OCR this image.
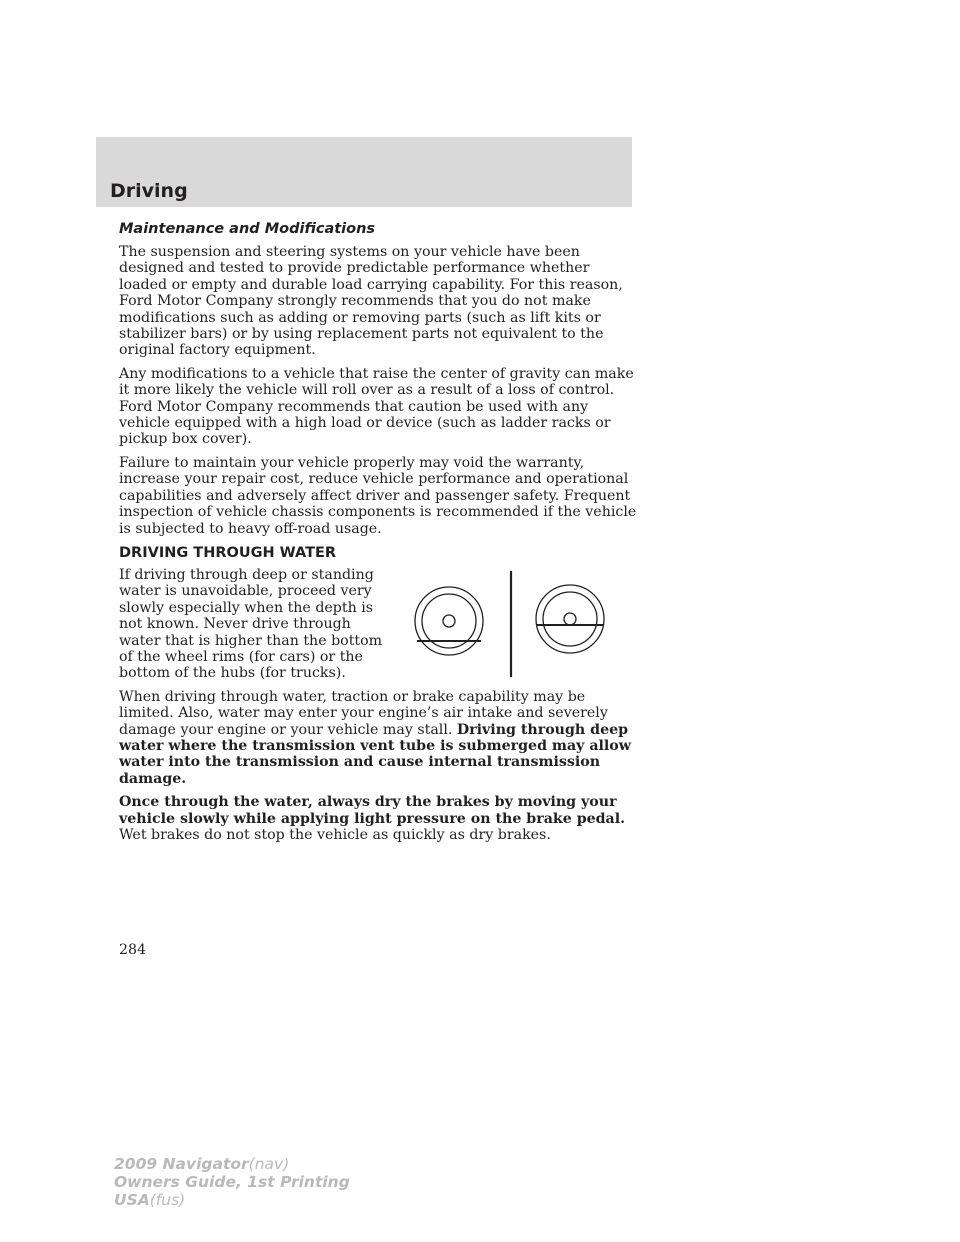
Driving
Maintenance and Modifications

The suspension and steering systems on your vehicle have been designed and tested to provide predictable performance whether loaded or empty and durable load carrying capability. For this reason, Ford Motor Company strongly recommends that you do not make modifications such as adding or removing parts (such as lift kits or stabilizer bars) or by using replacement parts not equivalent to the original factory equipment.

Any modifications to a vehicle that raise the center of gravity can make it more likely the vehicle will roll over as a result of a loss of control. Ford Motor Company recommends that caution be used with any vehicle equipped with a high load or device (such as ladder racks or pickup box cover).

Failure to maintain your vehicle properly may void the warranty, increase your repair cost, reduce vehicle performance and operational capabilities and adversely affect driver and passenger safety. Frequent inspection of vehicle chassis components is recommended if the vehicle is subjected to heavy off-road usage.

DRIVING THROUGH WATER

If driving through deep or standing water is unavoidable, proceed very slowly especially when the depth is not known. Never drive through water that is higher than the bottom of the wheel rims (for cars) or the bottom of the hubs (for trucks).

When driving through water, traction or brake capability may be limited. Also, water may enter your engine’s air intake and severely damage your engine or your vehicle may stall. Driving through deep water where the transmission vent tube is submerged may allow water into the transmission and cause internal transmission damage.

Once through the water, always dry the brakes by moving your vehicle slowly while applying light pressure on the brake pedal.
Wet brakes do not stop the vehicle as quickly as dry brakes.

284
2009 Navigator(nav)
Owners Guide, 1st Printing
USA(fus)
